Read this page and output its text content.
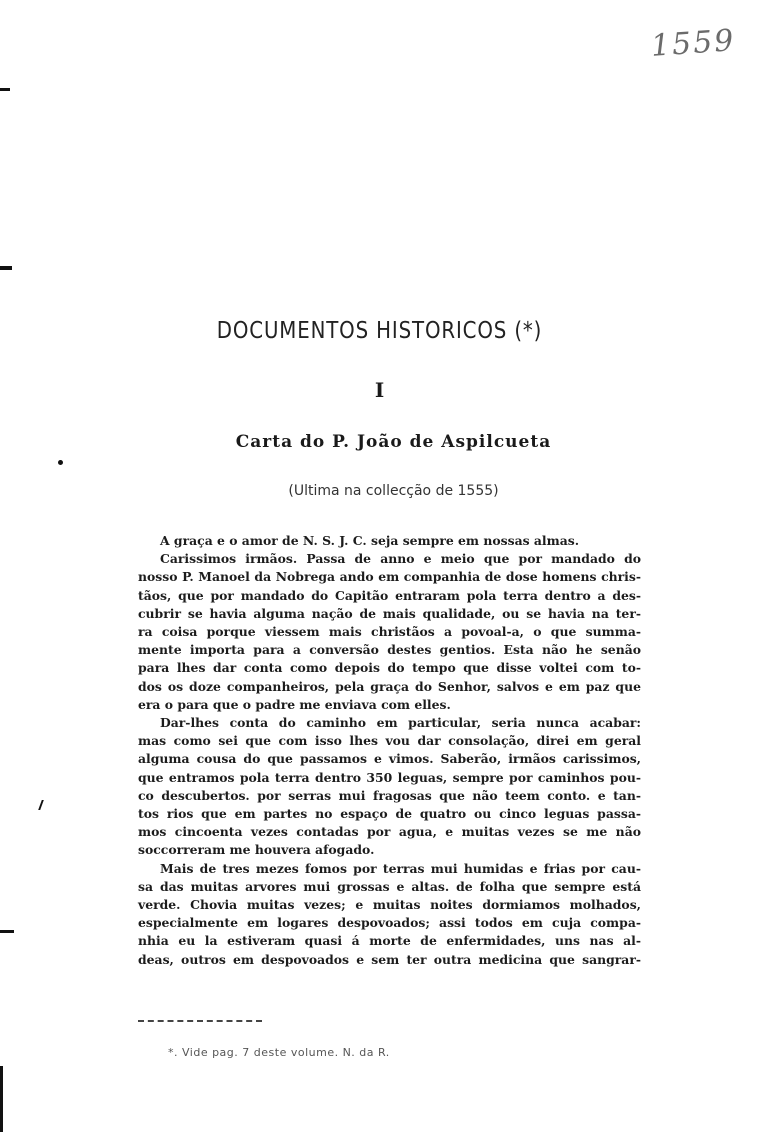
1559
DOCUMENTOS HISTORICOS (*)
I
Carta do P. João de Aspilcueta
(Ultima na collecção de 1555)
A graça e o amor de N. S. J. C. seja sempre em nossas almas.
Carissimos irmãos. Passa de anno e meio que por mandado do
nosso P. Manoel da Nobrega ando em companhia de dose homens chris-
tãos, que por mandado do Capitão entraram pola terra dentro a des-
cubrir se havia alguma nação de mais qualidade, ou se havia na ter-
ra coisa porque viessem mais christãos a povoal-a, o que summa-
mente importa para a conversão destes gentios. Esta não he senão
para lhes dar conta como depois do tempo que disse voltei com to-
dos os doze companheiros, pela graça do Senhor, salvos e em paz que
era o para que o padre me enviava com elles.
Dar-lhes conta do caminho em particular, seria nunca acabar:
mas como sei que com isso lhes vou dar consolação, direi em geral
alguma cousa do que passamos e vimos. Saberão, irmãos carissimos,
que entramos pola terra dentro 350 leguas, sempre por caminhos pou-
co descubertos. por serras mui fragosas que não teem conto. e tan-
tos rios que em partes no espaço de quatro ou cinco leguas passa-
mos cincoenta vezes contadas por agua, e muitas vezes se me não
soccorreram me houvera afogado.
Mais de tres mezes fomos por terras mui humidas e frias por cau-
sa das muitas arvores mui grossas e altas. de folha que sempre está
verde. Chovia muitas vezes; e muitas noites dormiamos molhados,
especialmente em logares despovoados; assi todos em cuja compa-
nhia eu la estiveram quasi á morte de enfermidades, uns nas al-
deas, outros em despovoados e sem ter outra medicina que sangrar-
*. Vide pag. 7 deste volume. N. da R.
